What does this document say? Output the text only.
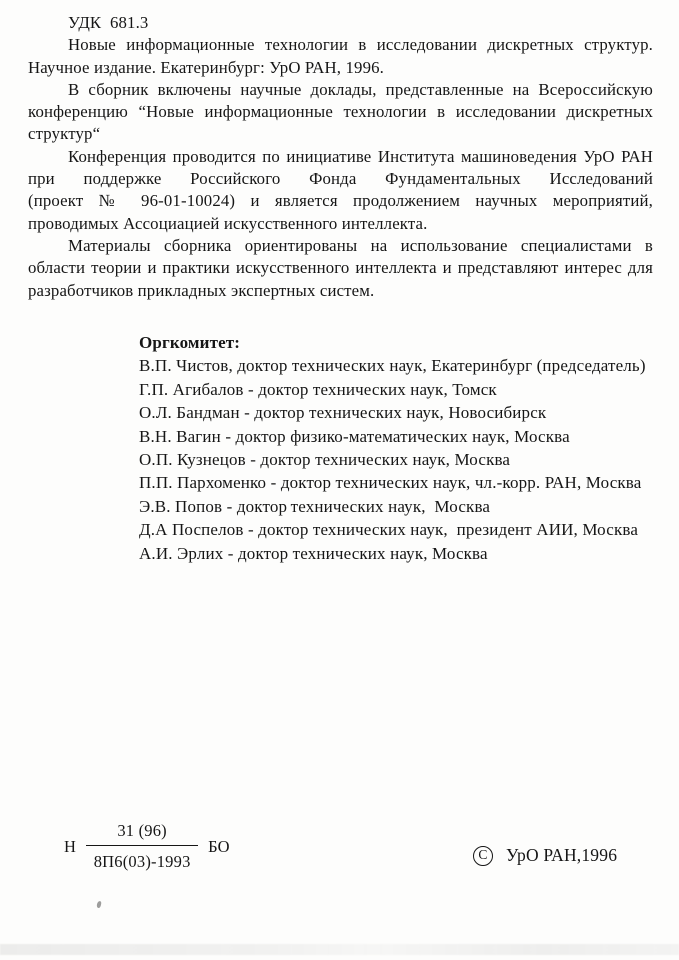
УДК  681.3
Новые информационные технологии в исследовании дискретных структур.
Научное издание. Екатеринбург: УрО РАН, 1996.
В сборник включены научные доклады, представленные на Всероссийскую
конференцию “Новые информационные технологии в исследовании дискретных
структур“
Конференция проводится по инициативе Института машиноведения УрО РАН
при поддержке Российского Фонда Фундаментальных Исследований
(проект № 96-01-10024) и является продолжением научных мероприятий,
проводимых Ассоциацией искусственного интеллекта.
Материалы сборника ориентированы на использование специалистами в
области теории и практики искусственного интеллекта и представляют интерес для
разработчиков прикладных экспертных систем.
Оргкомитет:
В.П. Чистов, доктор технических наук, Екатеринбург (председатель)
Г.П. Агибалов - доктор технических наук, Томск
О.Л. Бандман - доктор технических наук, Новосибирск
В.Н. Вагин - доктор физико-математических наук, Москва
О.П. Кузнецов - доктор технических наук, Москва
П.П. Пархоменко - доктор технических наук, чл.-корр. РАН, Москва
Э.В. Попов - доктор технических наук,  Москва
Д.А Поспелов - доктор технических наук,  президент АИИ, Москва
А.И. Эрлих - доктор технических наук, Москва
Н $\frac{31 (96)}{8П6(03)-1993}$ БО	C	УрО РАН,1996
